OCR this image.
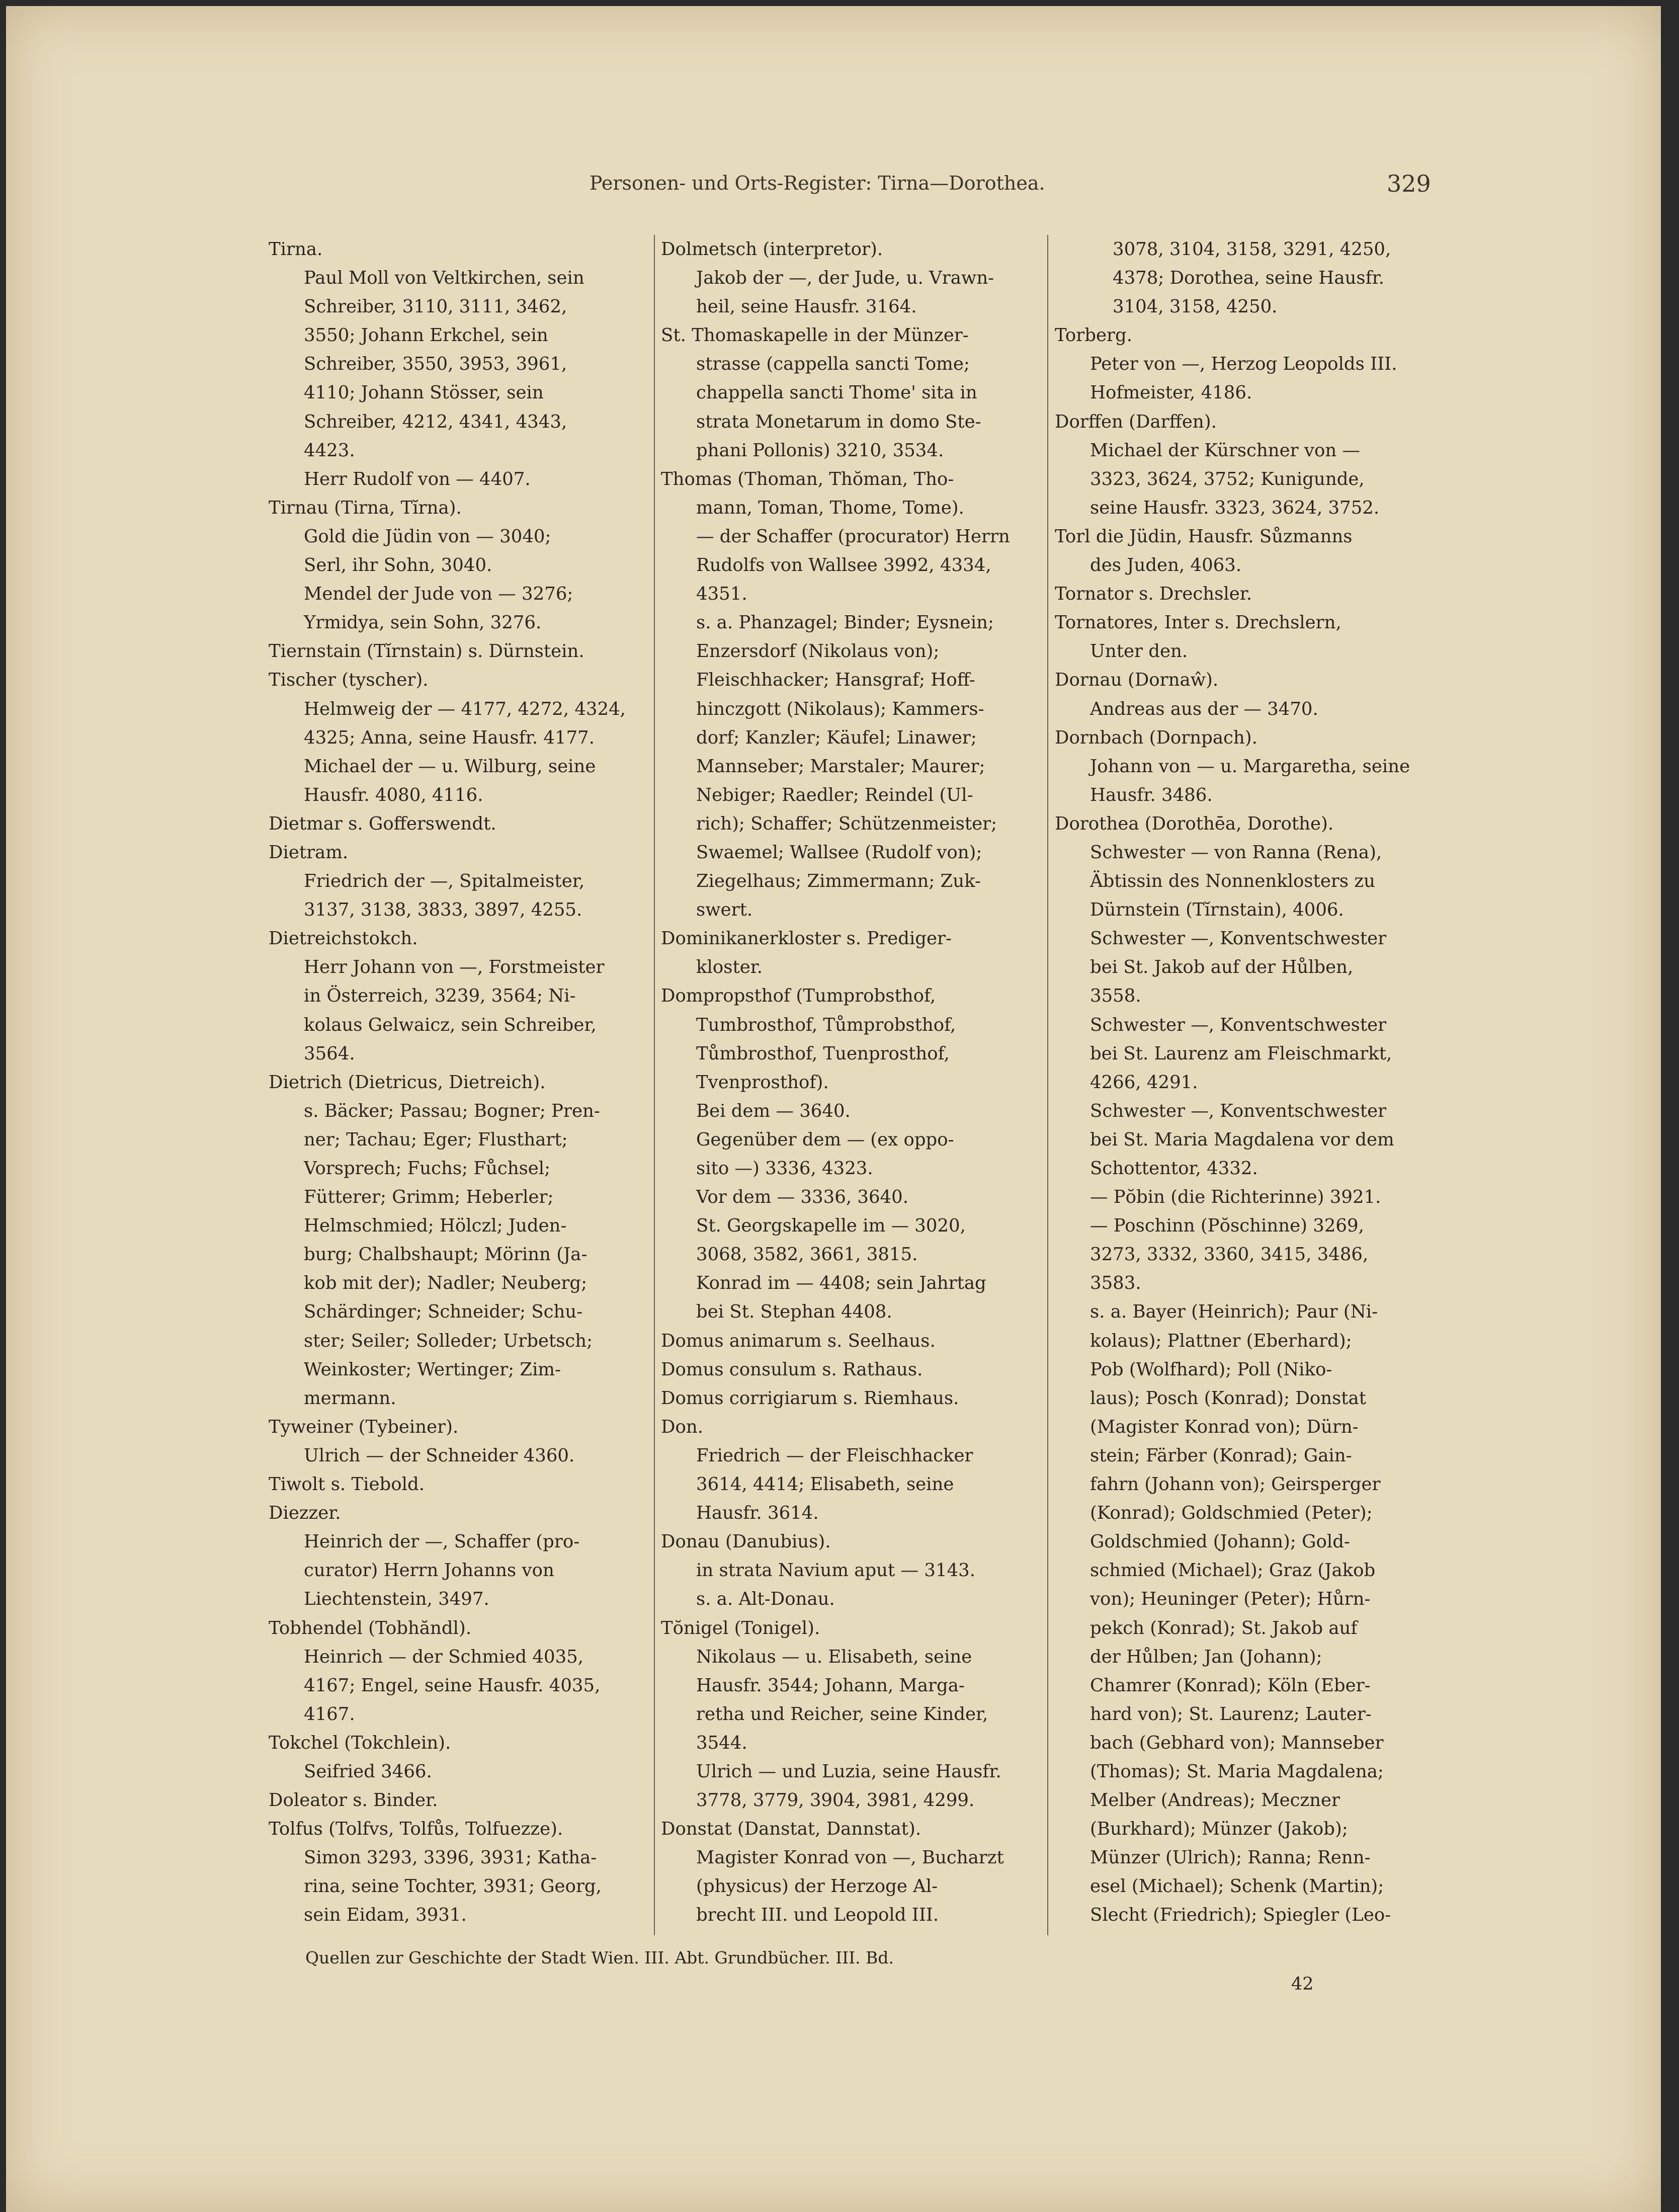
Personen- und Orts-Register: Tirna—Dorothea.	329
Tirna.
Paul Moll von Veltkirchen, sein
Schreiber, 3110, 3111, 3462,
3550; Johann Erkchel, sein
Schreiber, 3550, 3953, 3961,
4110; Johann Stösser, sein
Schreiber, 4212, 4341, 4343,
4423.
Herr Rudolf von — 4407.
Tirnau (Tirna, Tĭrna).
Gold die Jüdin von — 3040;
Serl, ihr Sohn, 3040.
Mendel der Jude von — 3276;
Yrmidya, sein Sohn, 3276.
Tiernstain (Tĭrnstain) s. Dürnstein.
Tischer (tyscher).
Helmweig der — 4177, 4272, 4324,
4325; Anna, seine Hausfr. 4177.
Michael der — u. Wilburg, seine
Hausfr. 4080, 4116.
Dietmar s. Gofferswendt.
Dietram.
Friedrich der —, Spitalmeister,
3137, 3138, 3833, 3897, 4255.
Dietreichstokch.
Herr Johann von —, Forstmeister
in Österreich, 3239, 3564; Ni-
kolaus Gelwaicz, sein Schreiber,
3564.
Dietrich (Dietricus, Dietreich).
s. Bäcker; Passau; Bogner; Pren-
ner; Tachau; Eger; Flusthart;
Vorsprech; Fuchs; Fůchsel;
Fütterer; Grimm; Heberler;
Helmschmied; Hölczl; Juden-
burg; Chalbshaupt; Mörinn (Ja-
kob mit der); Nadler; Neuberg;
Schärdinger; Schneider; Schu-
ster; Seiler; Solleder; Urbetsch;
Weinkoster; Wertinger; Zim-
mermann.
Tyweiner (Tybeiner).
Ulrich — der Schneider 4360.
Tiwolt s. Tiebold.
Diezzer.
Heinrich der —, Schaffer (pro-
curator) Herrn Johanns von
Liechtenstein, 3497.
Tobhendel (Tobhăndl).
Heinrich — der Schmied 4035,
4167; Engel, seine Hausfr. 4035,
4167.
Tokchel (Tokchlein).
Seifried 3466.
Doleator s. Binder.
Tolfus (Tolfvs, Tolfůs, Tolfuezze).
Simon 3293, 3396, 3931; Katha-
rina, seine Tochter, 3931; Georg,
sein Eidam, 3931.
Dolmetsch (interpretor).
Jakob der —, der Jude, u. Vrawn-
heil, seine Hausfr. 3164.
St. Thomaskapelle in der Münzer-
strasse (cappella sancti Tome;
chappella sancti Thome' sita in
strata Monetarum in domo Ste-
phani Pollonis) 3210, 3534.
Thomas (Thoman, Thŏman, Tho-
mann, Toman, Thome, Tome).
— der Schaffer (procurator) Herrn
Rudolfs von Wallsee 3992, 4334,
4351.
s. a. Phanzagel; Binder; Eysnein;
Enzersdorf (Nikolaus von);
Fleischhacker; Hansgraf; Hoff-
hinczgott (Nikolaus); Kammers-
dorf; Kanzler; Käufel; Linawer;
Mannseber; Marstaler; Maurer;
Nebiger; Raedler; Reindel (Ul-
rich); Schaffer; Schützenmeister;
Swaemel; Wallsee (Rudolf von);
Ziegelhaus; Zimmermann; Zuk-
swert.
Dominikanerkloster s. Prediger-
kloster.
Dompropsthof (Tumprobsthof,
Tumbrosthof, Tůmprobsthof,
Tůmbrosthof, Tuenprosthof,
Tvenprosthof).
Bei dem — 3640.
Gegenüber dem — (ex oppo-
sito —) 3336, 4323.
Vor dem — 3336, 3640.
St. Georgskapelle im — 3020,
3068, 3582, 3661, 3815.
Konrad im — 4408; sein Jahrtag
bei St. Stephan 4408.
Domus animarum s. Seelhaus.
Domus consulum s. Rathaus.
Domus corrigiarum s. Riemhaus.
Don.
Friedrich — der Fleischhacker
3614, 4414; Elisabeth, seine
Hausfr. 3614.
Donau (Danubius).
in strata Navium aput — 3143.
s. a. Alt-Donau.
Tŏnigel (Tonigel).
Nikolaus — u. Elisabeth, seine
Hausfr. 3544; Johann, Marga-
retha und Reicher, seine Kinder,
3544.
Ulrich — und Luzia, seine Hausfr.
3778, 3779, 3904, 3981, 4299.
Donstat (Danstat, Dannstat).
Magister Konrad von —, Bucharzt
(physicus) der Herzoge Al-
brecht III. und Leopold III.
3078, 3104, 3158, 3291, 4250,
4378; Dorothea, seine Hausfr.
3104, 3158, 4250.
Torberg.
Peter von —, Herzog Leopolds III.
Hofmeister, 4186.
Dorffen (Darffen).
Michael der Kürschner von —
3323, 3624, 3752; Kunigunde,
seine Hausfr. 3323, 3624, 3752.
Torl die Jüdin, Hausfr. Sůzmanns
des Juden, 4063.
Tornator s. Drechsler.
Tornatores, Inter s. Drechslern,
Unter den.
Dornau (Dornaŵ).
Andreas aus der — 3470.
Dornbach (Dornpach).
Johann von — u. Margaretha, seine
Hausfr. 3486.
Dorothea (Dorothēa, Dorothe).
Schwester — von Ranna (Rena),
Äbtissin des Nonnenklosters zu
Dürnstein (Tĭrnstain), 4006.
Schwester —, Konventschwester
bei St. Jakob auf der Hůlben,
3558.
Schwester —, Konventschwester
bei St. Laurenz am Fleischmarkt,
4266, 4291.
Schwester —, Konventschwester
bei St. Maria Magdalena vor dem
Schottentor, 4332.
— Pŏbin (die Richterinne) 3921.
— Poschinn (Pŏschinne) 3269,
3273, 3332, 3360, 3415, 3486,
3583.
s. a. Bayer (Heinrich); Paur (Ni-
kolaus); Plattner (Eberhard);
Pob (Wolfhard); Poll (Niko-
laus); Posch (Konrad); Donstat
(Magister Konrad von); Dürn-
stein; Färber (Konrad); Gain-
fahrn (Johann von); Geirsperger
(Konrad); Goldschmied (Peter);
Goldschmied (Johann); Gold-
schmied (Michael); Graz (Jakob
von); Heuninger (Peter); Hůrn-
pekch (Konrad); St. Jakob auf
der Hůlben; Jan (Johann);
Chamrer (Konrad); Köln (Eber-
hard von); St. Laurenz; Lauter-
bach (Gebhard von); Mannseber
(Thomas); St. Maria Magdalena;
Melber (Andreas); Meczner
(Burkhard); Münzer (Jakob);
Münzer (Ulrich); Ranna; Renn-
esel (Michael); Schenk (Martin);
Slecht (Friedrich); Spiegler (Leo-
Quellen zur Geschichte der Stadt Wien. III. Abt. Grundbücher. III. Bd.
42
